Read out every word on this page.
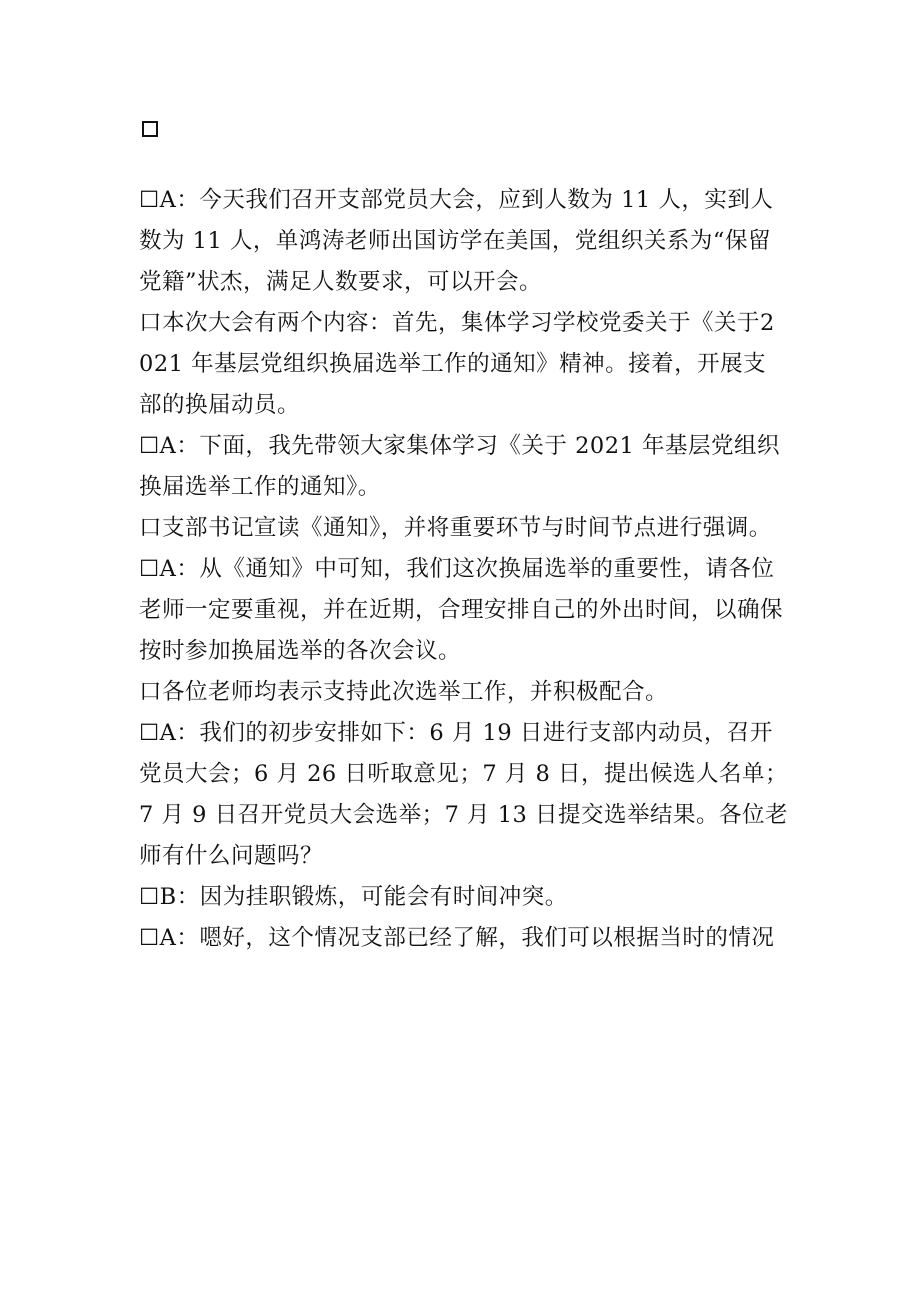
☐A：今天我们召开支部党员大会，应到人数为 11 人，实到人数为 11 人，单鸿涛老师出国访学在美国，党组织关系为“保留党籍”状杰，满足人数要求，可以开会。

口本次大会有两个内容：首先，集体学习学校党委关于《关于2021 年基层党组织换届选举工作的通知》精神。接着，开展支部的换届动员。

☐A：下面，我先带领大家集体学习《关于 2021 年基层党组织换届选举工作的通知》。

口支部书记宣读《通知》，并将重要环节与时间节点进行强调。

☐A：从《通知》中可知，我们这次换届选举的重要性，请各位老师一定要重视，并在近期，合理安排自己的外出时间，以确保按时参加换届选举的各次会议。

口各位老师均表示支持此次选举工作，并积极配合。

☐A：我们的初步安排如下：6 月 19 日进行支部内动员，召开党员大会；6 月 26 日听取意见；7 月 8 日，提出候选人名单；7 月 9 日召开党员大会选举；7 月 13 日提交选举结果。各位老师有什么问题吗？

☐B：因为挂职锻炼，可能会有时间冲突。

☐A：嗯好，这个情况支部已经了解，我们可以根据当时的情况
